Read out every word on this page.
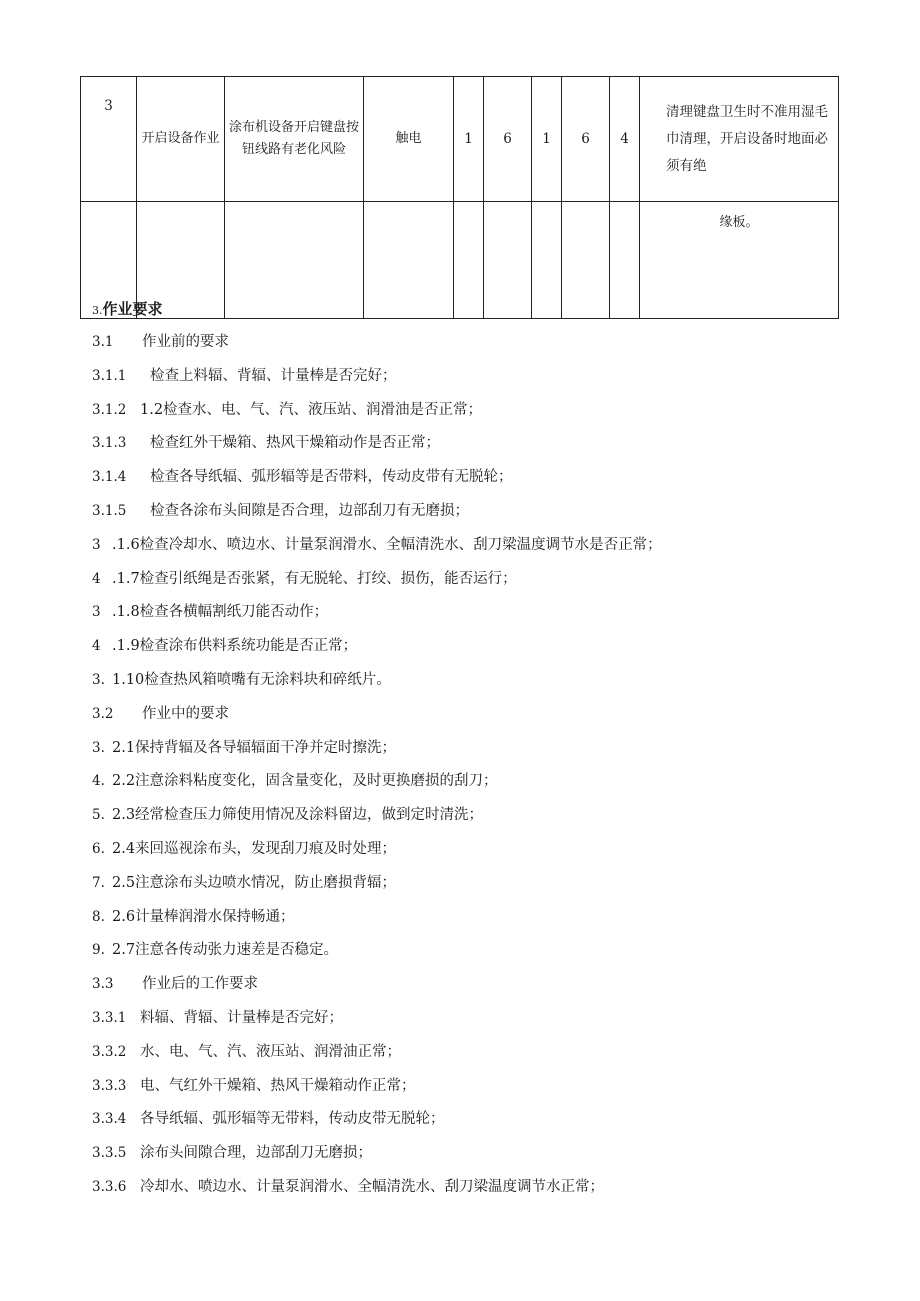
3	开启设备作业	涂布机设备开启键盘按钮线路有老化风险	触电	1	6	1	6	4	清理键盘卫生时不准用湿毛巾清理，开启设备时地面必须有绝
									缘板。
3.作业要求
3.1 作业前的要求
3.1.1 检查上料辐、背辐、计量棒是否完好；
3.1.2 1.2检查水、电、气、汽、液压站、润滑油是否正常；
3.1.3 检查红外干燥箱、热风干燥箱动作是否正常；
3.1.4 检查各导纸辐、弧形辐等是否带料，传动皮带有无脱轮；
3.1.5 检查各涂布头间隙是否合理，边部刮刀有无磨损；
3 .1.6检查冷却水、喷边水、计量泵润滑水、全幅清洗水、刮刀梁温度调节水是否正常；
4 .1.7检查引纸绳是否张紧，有无脱轮、打绞、损伤，能否运行；
3 .1.8检查各横幅割纸刀能否动作；
4 .1.9检查涂布供料系统功能是否正常；
3. 1.10检查热风箱喷嘴有无涂料块和碎纸片。
3.2 作业中的要求
3. 2.1保持背辐及各导辐辐面干净并定时擦洗；
4. 2.2注意涂料粘度变化，固含量变化，及时更换磨损的刮刀；
5. 2.3经常检查压力筛使用情况及涂料留边，做到定时清洗；
6. 2.4来回巡视涂布头，发现刮刀痕及时处理；
7. 2.5注意涂布头边喷水情况，防止磨损背辐；
8. 2.6计量棒润滑水保持畅通；
9. 2.7注意各传动张力速差是否稳定。
3.3 作业后的工作要求
3.3.1 料辐、背辐、计量棒是否完好；
3.3.2 水、电、气、汽、液压站、润滑油正常；
3.3.3 电、气红外干燥箱、热风干燥箱动作正常；
3.3.4 各导纸辐、弧形辐等无带料，传动皮带无脱轮；
3.3.5 涂布头间隙合理，边部刮刀无磨损；
3.3.6 冷却水、喷边水、计量泵润滑水、全幅清洗水、刮刀梁温度调节水正常；
